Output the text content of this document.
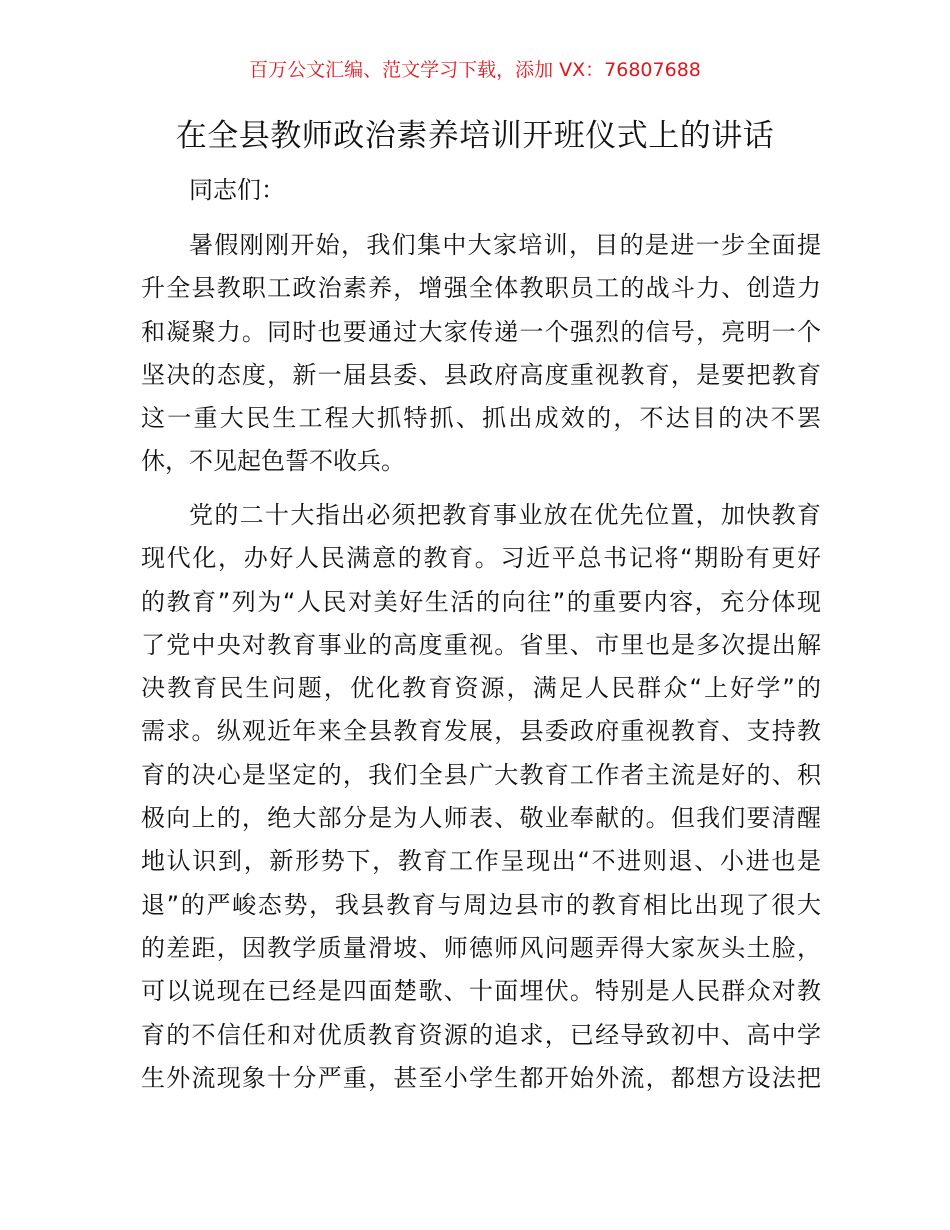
百万公文汇编、范文学习下载，添加 VX：76807688
在全县教师政治素养培训开班仪式上的讲话
同志们：
暑假刚刚开始，我们集中大家培训，目的是进一步全面提
升全县教职工政治素养，增强全体教职员工的战斗力、创造力
和凝聚力。同时也要通过大家传递一个强烈的信号，亮明一个
坚决的态度，新一届县委、县政府高度重视教育，是要把教育
这一重大民生工程大抓特抓、抓出成效的，不达目的决不罢
休，不见起色誓不收兵。
党的二十大指出必须把教育事业放在优先位置，加快教育
现代化，办好人民满意的教育。习近平总书记将“期盼有更好
的教育”列为“人民对美好生活的向往”的重要内容，充分体现
了党中央对教育事业的高度重视。省里、市里也是多次提出解
决教育民生问题，优化教育资源，满足人民群众“上好学”的
需求。纵观近年来全县教育发展，县委政府重视教育、支持教
育的决心是坚定的，我们全县广大教育工作者主流是好的、积
极向上的，绝大部分是为人师表、敬业奉献的。但我们要清醒
地认识到，新形势下，教育工作呈现出“不进则退、小进也是
退”的严峻态势，我县教育与周边县市的教育相比出现了很大
的差距，因教学质量滑坡、师德师风问题弄得大家灰头土脸，
可以说现在已经是四面楚歌、十面埋伏。特别是人民群众对教
育的不信任和对优质教育资源的追求，已经导致初中、高中学
生外流现象十分严重，甚至小学生都开始外流，都想方设法把
